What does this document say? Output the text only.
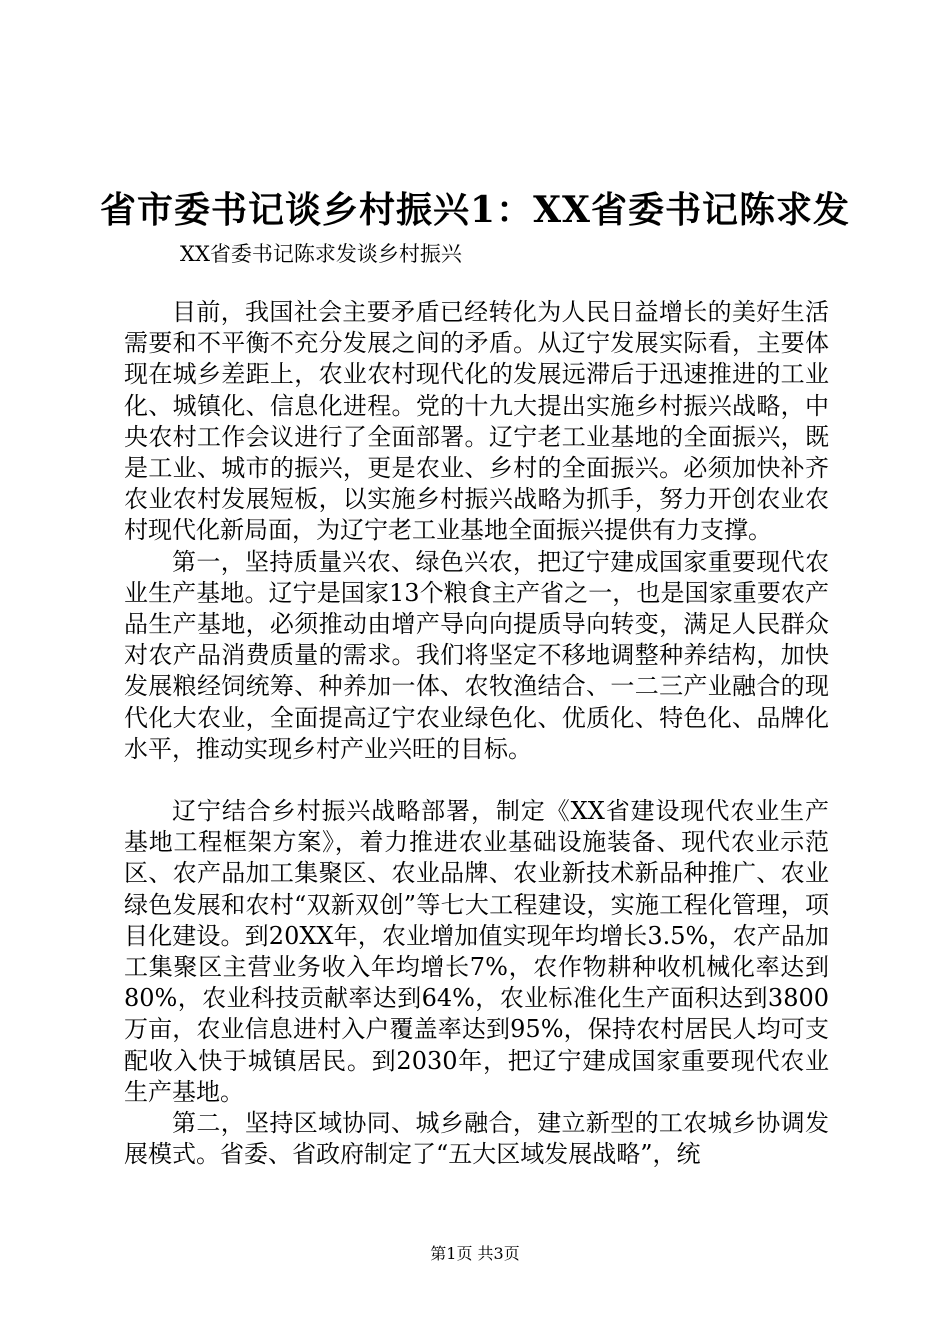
省市委书记谈乡村振兴1：XX省委书记陈求发

XX省委书记陈求发谈乡村振兴

目前，我国社会主要矛盾已经转化为人民日益增长的美好生活需要和不平衡不充分发展之间的矛盾。从辽宁发展实际看，主要体现在城乡差距上，农业农村现代化的发展远滞后于迅速推进的工业化、城镇化、信息化进程。党的十九大提出实施乡村振兴战略，中央农村工作会议进行了全面部署。辽宁老工业基地的全面振兴，既是工业、城市的振兴，更是农业、乡村的全面振兴。必须加快补齐农业农村发展短板，以实施乡村振兴战略为抓手，努力开创农业农村现代化新局面，为辽宁老工业基地全面振兴提供有力支撑。

第一，坚持质量兴农、绿色兴农，把辽宁建成国家重要现代农业生产基地。辽宁是国家13个粮食主产省之一，也是国家重要农产品生产基地，必须推动由增产导向向提质导向转变，满足人民群众对农产品消费质量的需求。我们将坚定不移地调整种养结构，加快发展粮经饲统筹、种养加一体、农牧渔结合、一二三产业融合的现代化大农业，全面提高辽宁农业绿色化、优质化、特色化、品牌化水平，推动实现乡村产业兴旺的目标。

辽宁结合乡村振兴战略部署，制定《XX省建设现代农业生产基地工程框架方案》，着力推进农业基础设施装备、现代农业示范区、农产品加工集聚区、农业品牌、农业新技术新品种推广、农业绿色发展和农村“双新双创”等七大工程建设，实施工程化管理，项目化建设。到20XX年，农业增加值实现年均增长3.5%，农产品加工集聚区主营业务收入年均增长7%，农作物耕种收机械化率达到80%，农业科技贡献率达到64%，农业标准化生产面积达到3800万亩，农业信息进村入户覆盖率达到95%，保持农村居民人均可支配收入快于城镇居民。到2030年，把辽宁建成国家重要现代农业生产基地。

第二，坚持区域协同、城乡融合，建立新型的工农城乡协调发展模式。省委、省政府制定了“五大区域发展战略”，统

第1页 共3页
